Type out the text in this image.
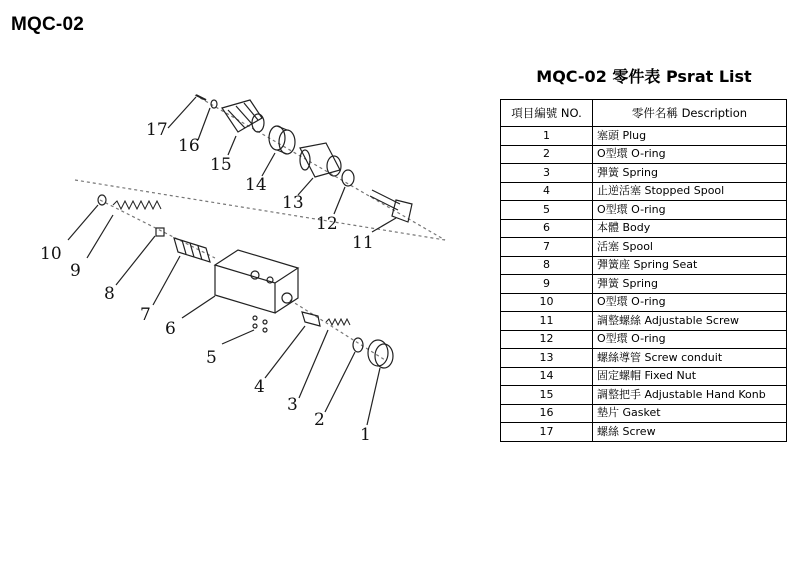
MQC-02
17
16
15
14
13
12
11
10
9
8
7
6
5
4
3
2
1
MQC-02 零件表 Psrat List
項目編號 NO.	零件名稱 Description
1	塞頭 Plug
2	O型環 O-ring
3	彈簧 Spring
4	止逆活塞 Stopped Spool
5	O型環 O-ring
6	本體 Body
7	活塞 Spool
8	彈簧座 Spring Seat
9	彈簧 Spring
10	O型環 O-ring
11	調整螺絲 Adjustable Screw
12	O型環 O-ring
13	螺絲導管 Screw conduit
14	固定螺帽 Fixed Nut
15	調整把手 Adjustable Hand Konb
16	墊片 Gasket
17	螺絲 Screw
